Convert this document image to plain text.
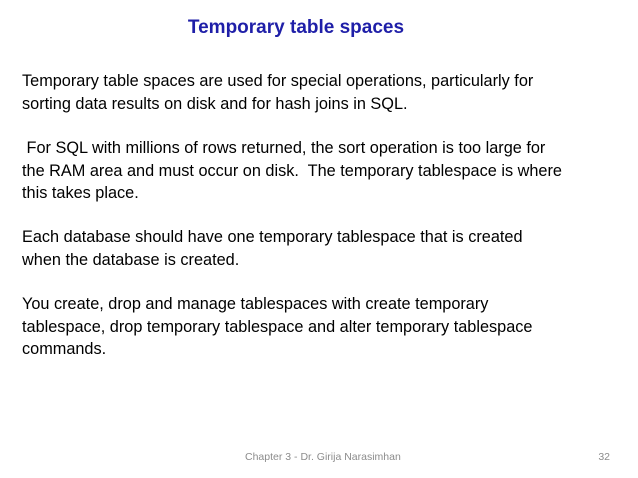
Temporary table spaces
Temporary table spaces are used for special operations, particularly for
sorting data results on disk and for hash joins in SQL.
For SQL with millions of rows returned, the sort operation is too large for
the RAM area and must occur on disk.  The temporary tablespace is where
this takes place.
Each database should have one temporary tablespace that is created
when the database is created.
You create, drop and manage tablespaces with create temporary
tablespace, drop temporary tablespace and alter temporary tablespace
commands.
Chapter 3 - Dr. Girija Narasimhan	32
